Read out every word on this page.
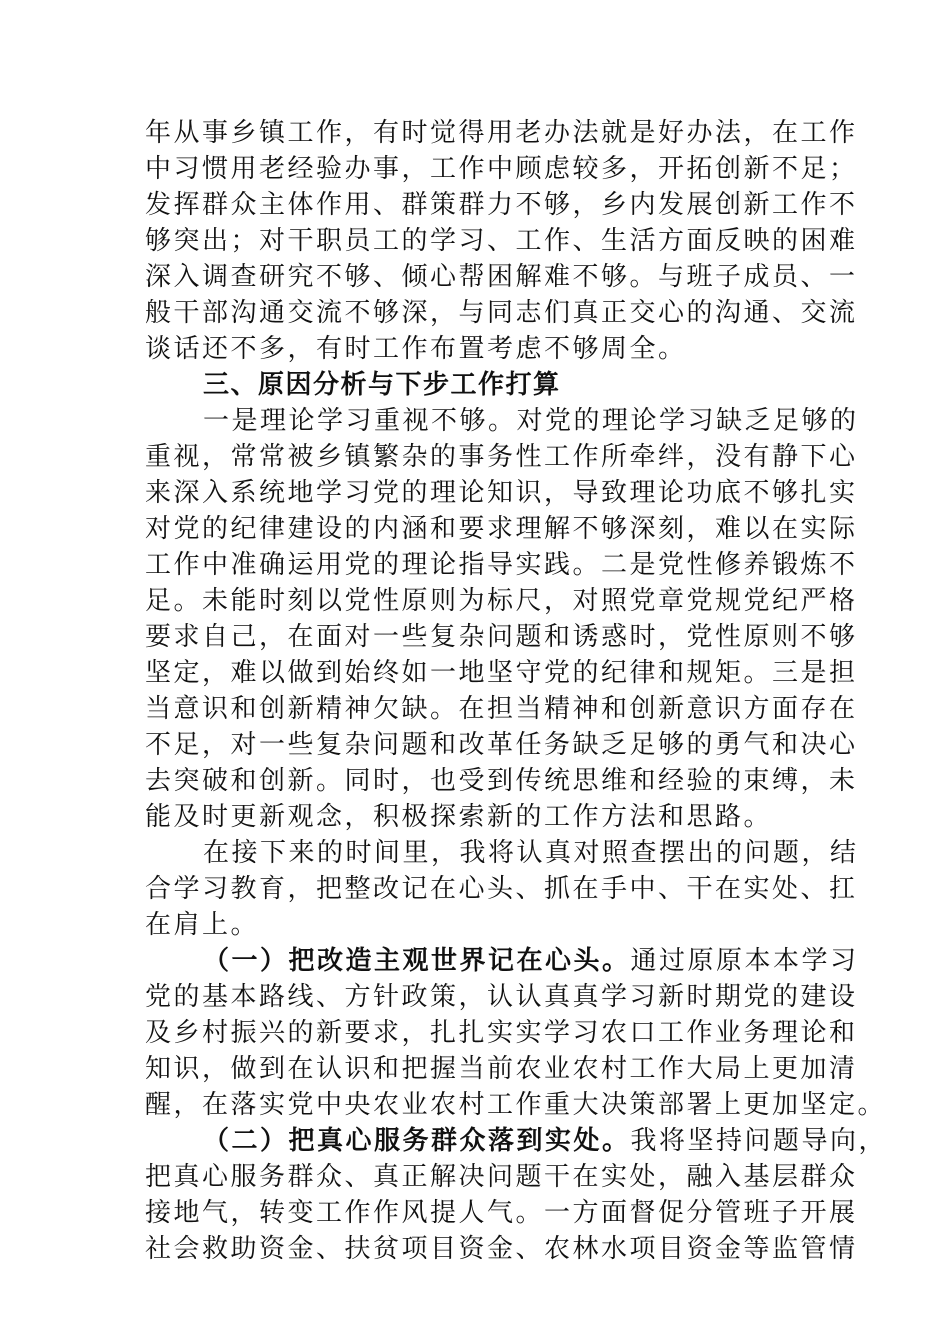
年从事乡镇工作，有时觉得用老办法就是好办法，在工作
中习惯用老经验办事，工作中顾虑较多，开拓创新不足；
发挥群众主体作用、群策群力不够，乡内发展创新工作不
够突出；对干职员工的学习、工作、生活方面反映的困难
深入调查研究不够、倾心帮困解难不够。与班子成员、一
般干部沟通交流不够深，与同志们真正交心的沟通、交流
谈话还不多，有时工作布置考虑不够周全。
三、原因分析与下步工作打算
一是理论学习重视不够。对党的理论学习缺乏足够的
重视，常常被乡镇繁杂的事务性工作所牵绊，没有静下心
来深入系统地学习党的理论知识，导致理论功底不够扎实
对党的纪律建设的内涵和要求理解不够深刻，难以在实际
工作中准确运用党的理论指导实践。二是党性修养锻炼不
足。未能时刻以党性原则为标尺，对照党章党规党纪严格
要求自己，在面对一些复杂问题和诱惑时，党性原则不够
坚定，难以做到始终如一地坚守党的纪律和规矩。三是担
当意识和创新精神欠缺。在担当精神和创新意识方面存在
不足，对一些复杂问题和改革任务缺乏足够的勇气和决心
去突破和创新。同时，也受到传统思维和经验的束缚，未
能及时更新观念，积极探索新的工作方法和思路。
在接下来的时间里，我将认真对照查摆出的问题，结
合学习教育，把整改记在心头、抓在手中、干在实处、扛
在肩上。
（一）把改造主观世界记在心头。通过原原本本学习
党的基本路线、方针政策，认认真真学习新时期党的建设
及乡村振兴的新要求，扎扎实实学习农口工作业务理论和
知识，做到在认识和把握当前农业农村工作大局上更加清
醒，在落实党中央农业农村工作重大决策部署上更加坚定。
（二）把真心服务群众落到实处。我将坚持问题导向，
把真心服务群众、真正解决问题干在实处，融入基层群众
接地气，转变工作作风提人气。一方面督促分管班子开展
社会救助资金、扶贫项目资金、农林水项目资金等监管情
